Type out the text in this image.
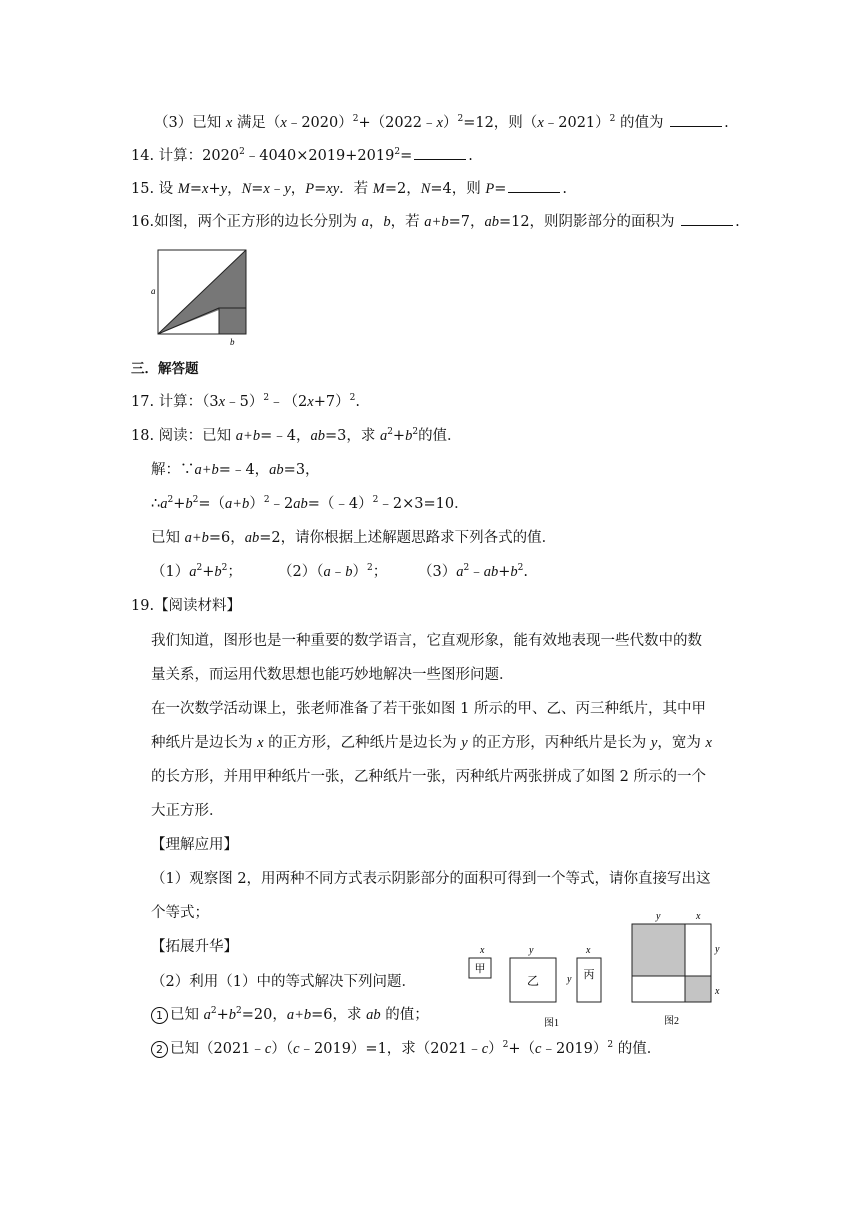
（3）已知 x 满足（x﹣2020）$^2$+（2022﹣x）$^2$=12，则（x﹣2021）$^2$ 的值为	.
14. 计算：$2020^2﹣4040\times 2019+2019^2=$	.
15. 设 M=x+y，N=x﹣y，P=xy．若 M=2，N=4，则 P=	.
16.如图，两个正方形的边长分别为 a，b，若 a+b=7，ab=12，则阴影部分的面积为	.
a
b
三．解答题
17. 计算：$(3x﹣5)^2﹣(2x+7)^2$.
18. 阅读：已知 a+b=﹣4，ab=3，求 $a^2+b^2$的值．
解：∵a+b=﹣4，ab=3，
$\therefore a^2+b^2=(a+b)^2﹣2ab=(﹣4)^2﹣2\times 3=10$．
已知 a+b=6，ab=2，请你根据上述解题思路求下列各式的值．
$(1)a^2+b^2$； （2）（a﹣b）$^2$； $(3)a^2﹣ab+b^2$.
19.【阅读材料】
我们知道，图形也是一种重要的数学语言，它直观形象，能有效地表现一些代数中的数
量关系，而运用代数思想也能巧妙地解决一些图形问题．
在一次数学活动课上，张老师准备了若干张如图 1 所示的甲、乙、丙三种纸片，其中甲
种纸片是边长为 x 的正方形，乙种纸片是边长为 y 的正方形，丙种纸片是长为 y，宽为 x
的长方形，并用甲种纸片一张，乙种纸片一张，丙种纸片两张拼成了如图 2 所示的一个
大正方形．
【理解应用】
（1）观察图 2，用两种不同方式表示阴影部分的面积可得到一个等式，请你直接写出这
个等式；
【拓展升华】
（2）利用（1）中的等式解决下列问题．
1 已知 $a^2+b^2=20$，a+b=6，求 ab 的值；
2 已知（2021﹣c）（c﹣2019）=1，求（2021﹣c）$^2$+（c﹣2019）$^2$ 的值．
x
甲
y
乙
x
y 丙
图1
y	x
y
x
图2
